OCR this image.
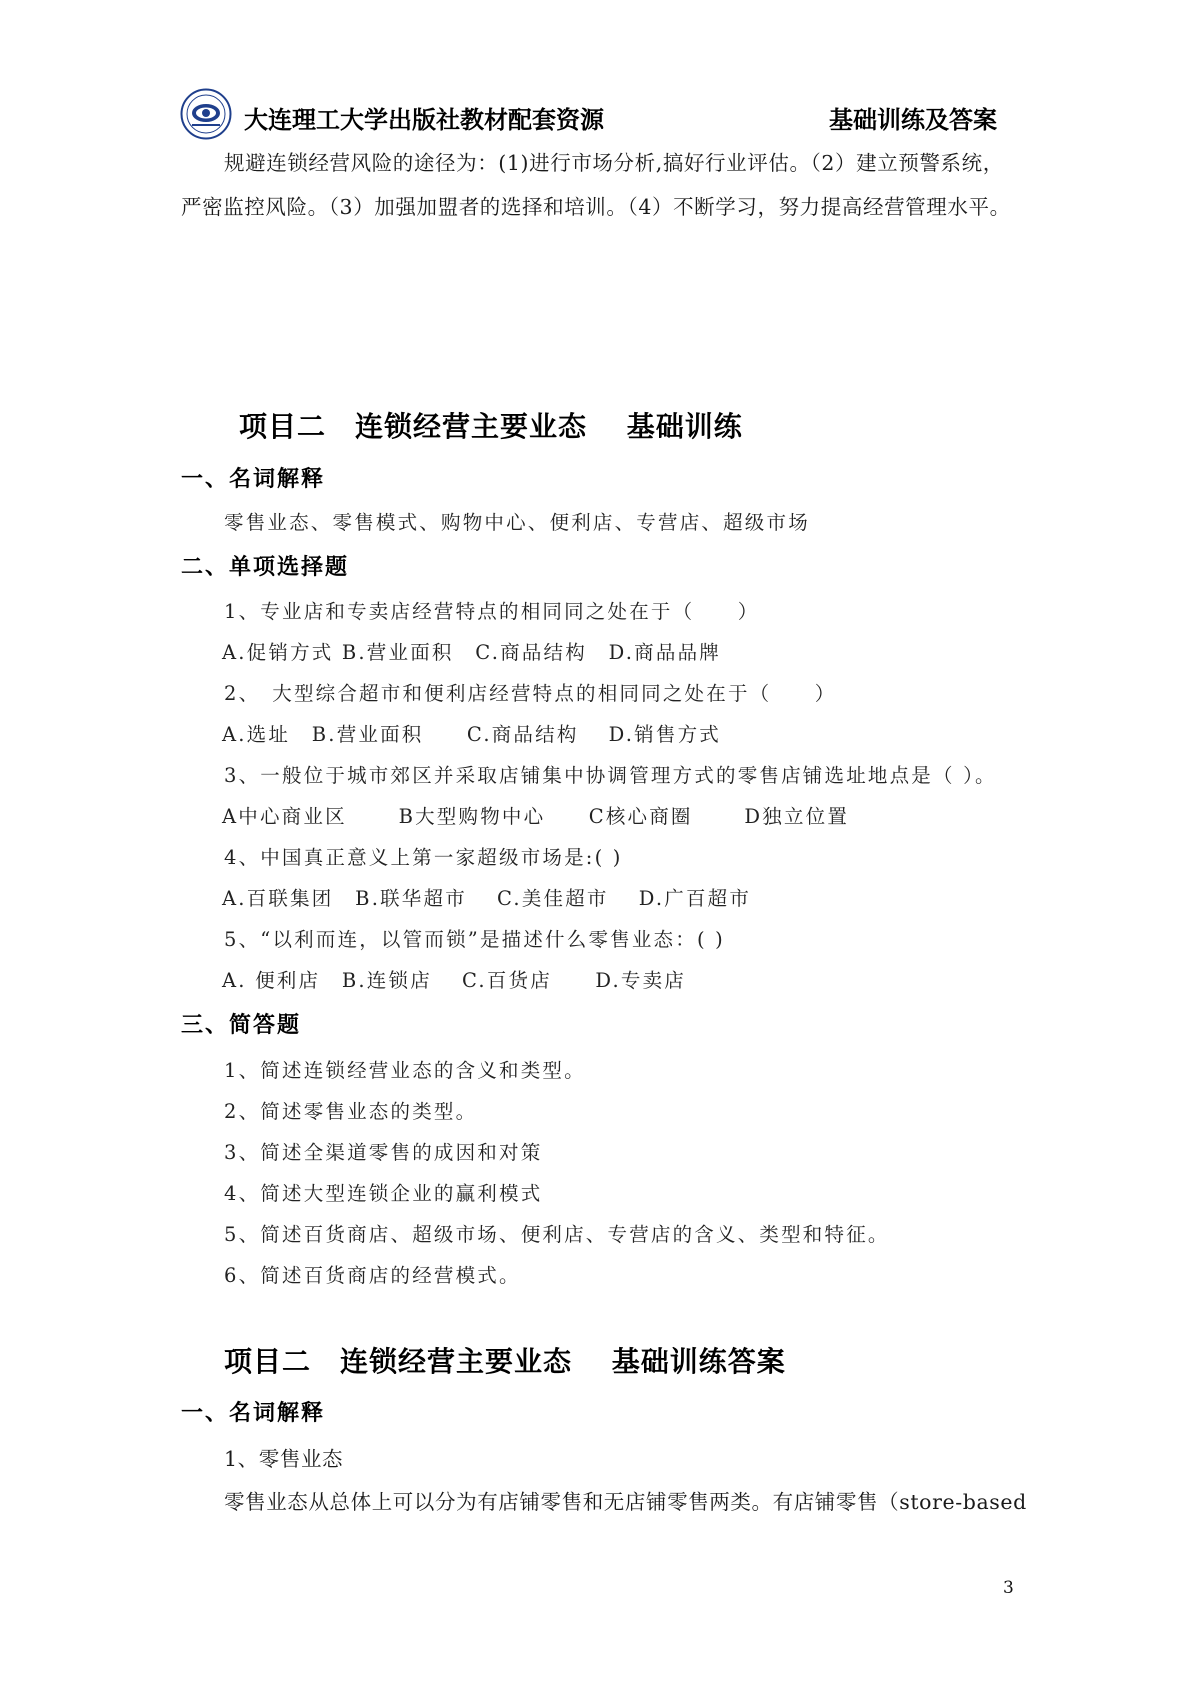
大连理工大学出版社教材配套资源	基础训练及答案
规避连锁经营风险的途径为：(1)进行市场分析,搞好行业评估。（2）建立预警系统，
严密监控风险。（3）加强加盟者的选择和培训。（4）不断学习，努力提高经营管理水平。
项目二　连锁经营主要业态　 基础训练
一、名词解释
零售业态、零售模式、购物中心、便利店、专营店、超级市场
二、单项选择题
1、专业店和专卖店经营特点的相同同之处在于（　　）
A.促销方式 B.营业面积　C.商品结构　D.商品品牌
2、　大型综合超市和便利店经营特点的相同同之处在于（　　）
A.选址　B.营业面积　　C.商品结构　 D.销售方式
3、一般位于城市郊区并采取店铺集中协调管理方式的零售店铺选址地点是（ ）。
A中心商业区　　 B大型购物中心　　C核心商圈　　 D独立位置
4、中国真正意义上第一家超级市场是:( )
A.百联集团　B.联华超市　 C.美佳超市　 D.广百超市
5、“以利而连，以管而锁”是描述什么零售业态：( )
A. 便利店　B.连锁店　 C.百货店　　D.专卖店
三、简答题
1、简述连锁经营业态的含义和类型。
2、简述零售业态的类型。
3、简述全渠道零售的成因和对策
4、简述大型连锁企业的赢利模式
5、简述百货商店、超级市场、便利店、专营店的含义、类型和特征。
6、简述百货商店的经营模式。
项目二　连锁经营主要业态　 基础训练答案
一、名词解释
1、零售业态
零售业态从总体上可以分为有店铺零售和无店铺零售两类。有店铺零售（store-based
3
